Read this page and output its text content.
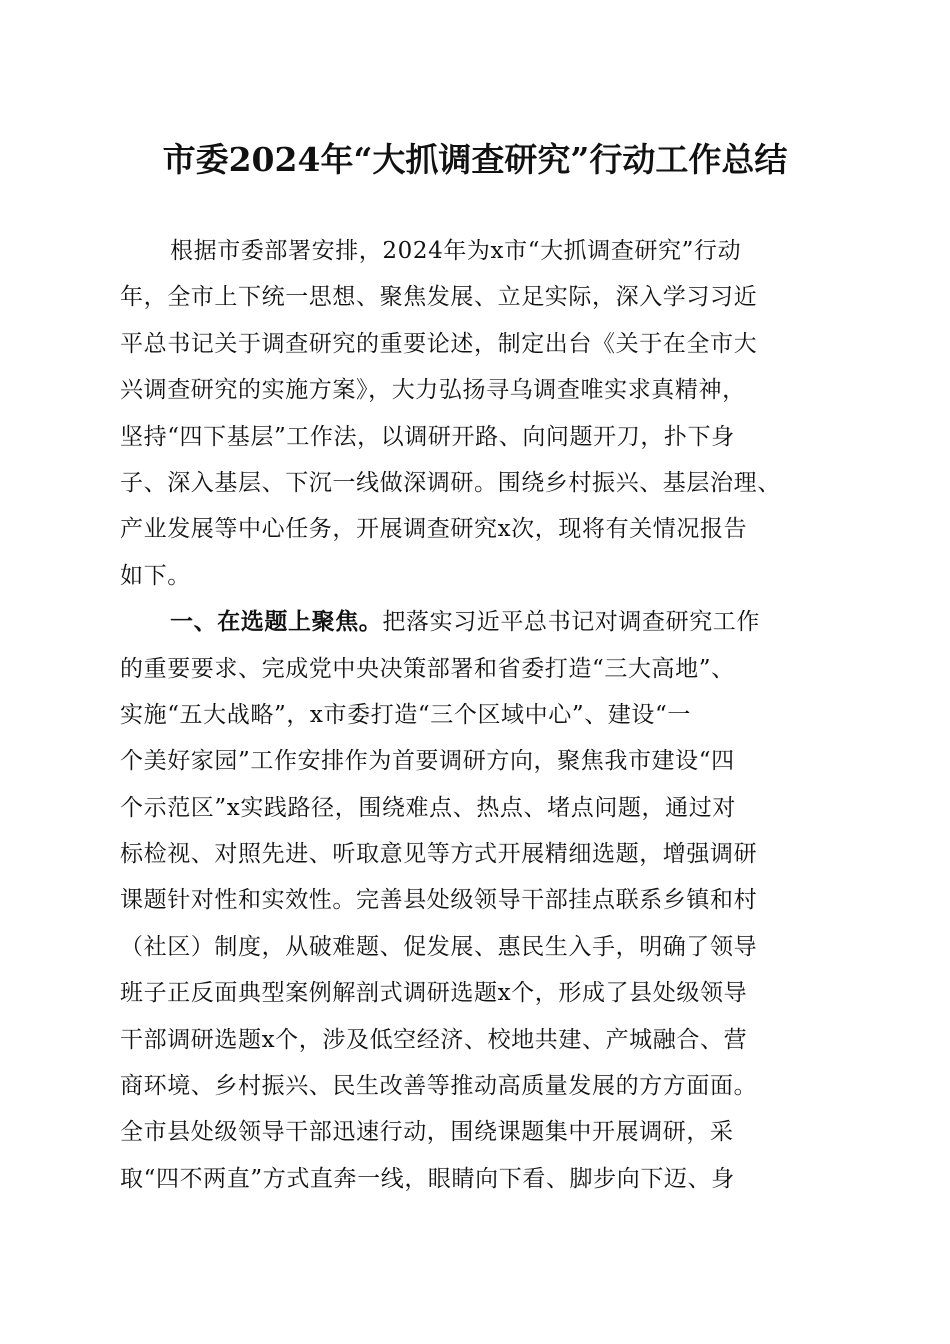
市委2024年“大抓调查研究”行动工作总结
根据市委部署安排，2024年为x市“大抓调查研究”行动
年，全市上下统一思想、聚焦发展、立足实际，深入学习习近
平总书记关于调查研究的重要论述，制定出台《关于在全市大
兴调查研究的实施方案》，大力弘扬寻乌调查唯实求真精神，
坚持“四下基层”工作法，以调研开路、向问题开刀，扑下身
子、深入基层、下沉一线做深调研。围绕乡村振兴、基层治理、
产业发展等中心任务，开展调查研究x次，现将有关情况报告
如下。
一、在选题上聚焦。把落实习近平总书记对调查研究工作
的重要要求、完成党中央决策部署和省委打造“三大高地”、
实施“五大战略”，x市委打造“三个区域中心”、建设“一
个美好家园”工作安排作为首要调研方向，聚焦我市建设“四
个示范区”x实践路径，围绕难点、热点、堵点问题，通过对
标检视、对照先进、听取意见等方式开展精细选题，增强调研
课题针对性和实效性。完善县处级领导干部挂点联系乡镇和村
（社区）制度，从破难题、促发展、惠民生入手，明确了领导
班子正反面典型案例解剖式调研选题x个，形成了县处级领导
干部调研选题x个，涉及低空经济、校地共建、产城融合、营
商环境、乡村振兴、民生改善等推动高质量发展的方方面面。
全市县处级领导干部迅速行动，围绕课题集中开展调研，采
取“四不两直”方式直奔一线，眼睛向下看、脚步向下迈、身
